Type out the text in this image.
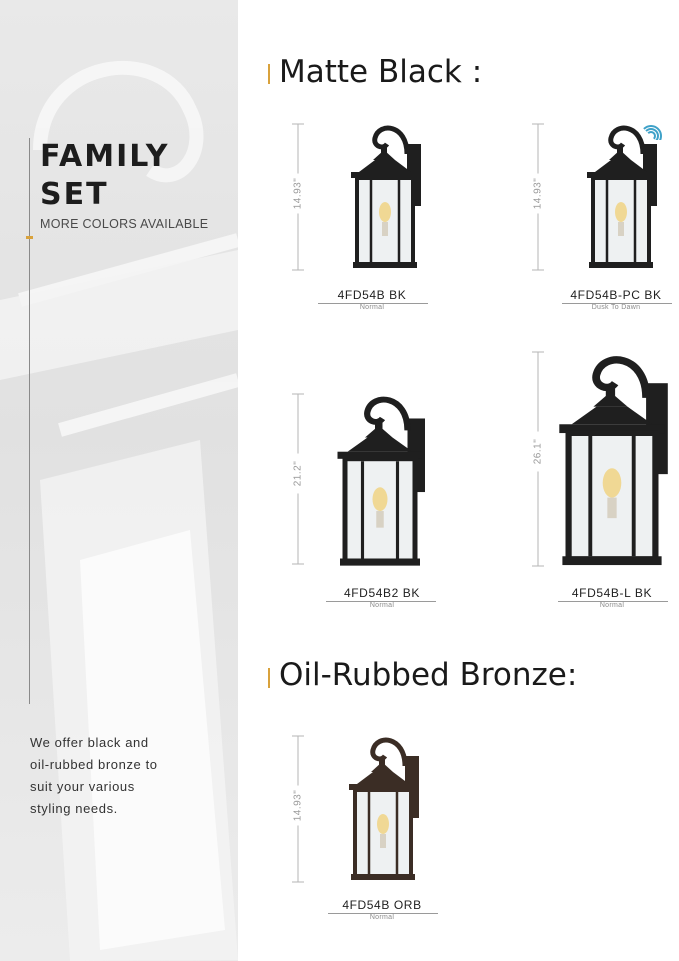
FAMILY
SET
MORE COLORS AVAILABLE
We offer black and
oil-rubbed bronze to
suit your various
styling needs.
Matte Black :
Oil-Rubbed Bronze:
14.93"
4FD54B BK
Normal
14.93"
4FD54B-PC BK
Dusk To Dawn
21.2"
4FD54B2 BK
Normal
26.1"
4FD54B-L BK
Normal
14.93"
4FD54B ORB
Normal
